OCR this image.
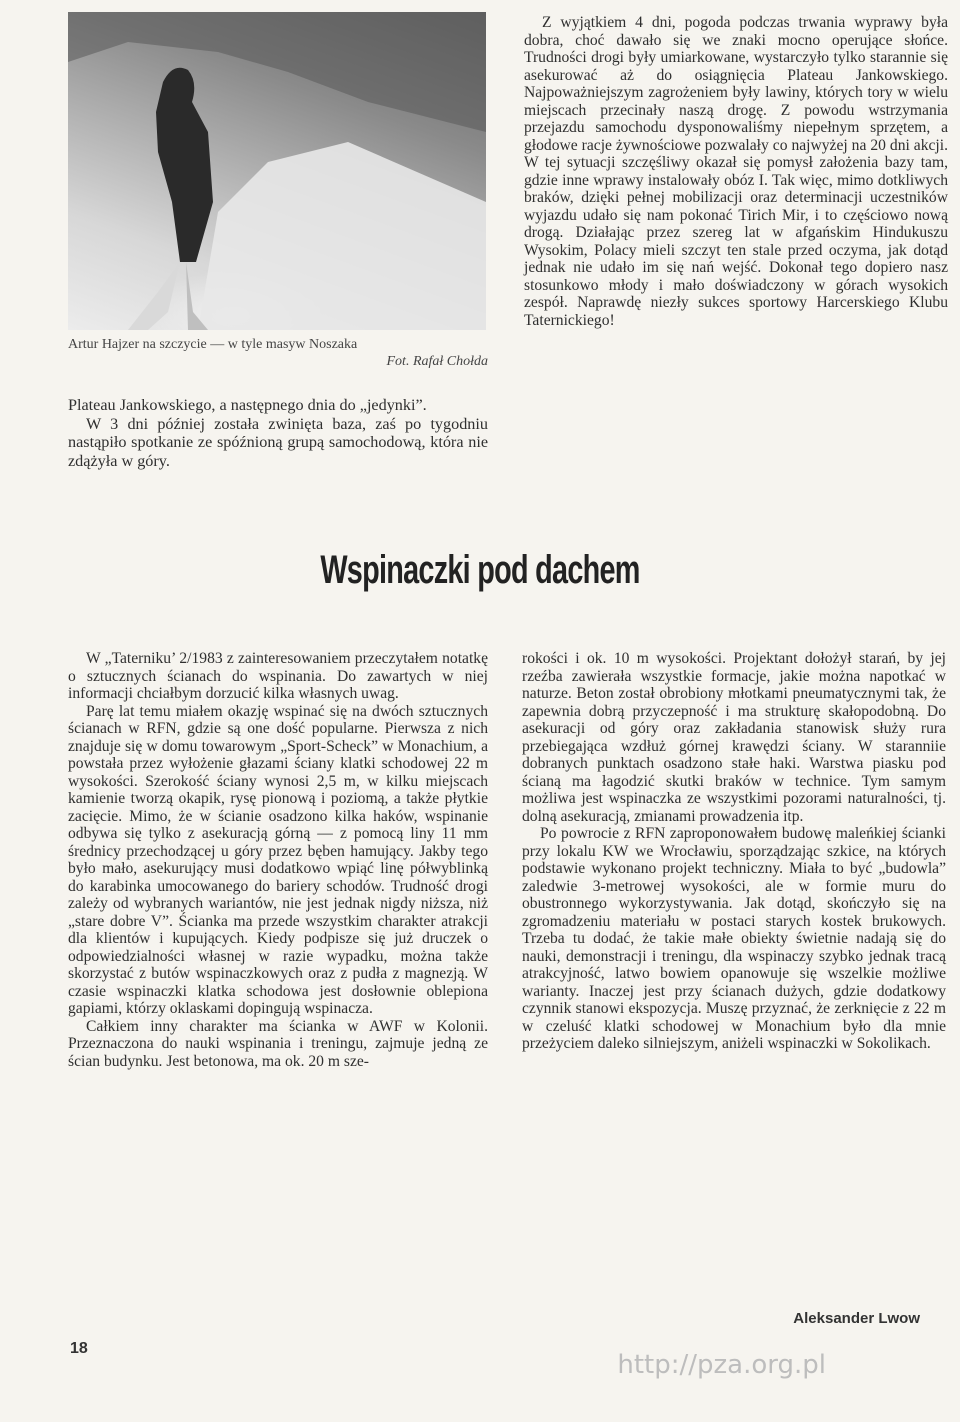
Artur Hajzer na szczycie — w tyle masyw Noszaka
Fot. Rafał Chołda

Plateau Jankowskiego, a następnego dnia do „jedynki”.

W 3 dni później została zwinięta baza, zaś po tygodniu nastąpiło spotkanie ze spóźnioną grupą samochodową, która nie zdążyła w góry.

Z wyjątkiem 4 dni, pogoda podczas trwania wyprawy była dobra, choć dawało się we znaki mocno operujące słońce. Trudności drogi były umiarkowane, wystarczyło tylko starannie się asekurować aż do osiągnięcia Plateau Jankowskiego. Najpoważniejszym zagrożeniem były lawiny, których tory w wielu miejscach przecinały naszą drogę. Z powodu wstrzymania przejazdu samochodu dysponowaliśmy niepełnym sprzętem, a głodowe racje żywnościowe pozwalały co najwyżej na 20 dni akcji. W tej sytuacji szczęśliwy okazał się pomysł założenia bazy tam, gdzie inne wprawy instalowały obóz I. Tak więc, mimo dotkliwych braków, dzięki pełnej mobilizacji oraz determinacji uczestników wyjazdu udało się nam pokonać Tirich Mir, i to częściowo nową drogą. Działając przez szereg lat w afgańskim Hindukuszu Wysokim, Polacy mieli szczyt ten stale przed oczyma, jak dotąd jednak nie udało im się nań wejść. Dokonał tego dopiero nasz stosunkowo młody i mało doświadczony w górach wysokich zespół. Naprawdę niezły sukces sportowy Harcerskiego Klubu Taternickiego!

Wspinaczki pod dachem

W „Taterniku’ 2/1983 z zainteresowaniem przeczytałem notatkę o sztucznych ścianach do wspinania. Do zawartych w niej informacji chciałbym dorzucić kilka własnych uwag.

Parę lat temu miałem okazję wspinać się na dwóch sztucznych ścianach w RFN, gdzie są one dość popularne. Pierwsza z nich znajduje się w domu towarowym „Sport-Scheck” w Monachium, a powstała przez wyłożenie głazami ściany klatki schodowej 22 m wysokości. Szerokość ściany wynosi 2,5 m, w kilku miejscach kamienie tworzą okapik, rysę pionową i poziomą, a także płytkie zacięcie. Mimo, że w ścianie osadzono kilka haków, wspinanie odbywa się tylko z asekuracją górną — z pomocą liny 11 mm średnicy przechodzącej u góry przez bęben hamujący. Jakby tego było mało, asekurujący musi dodatkowo wpiąć linę półwyblinką do karabinka umocowanego do bariery schodów. Trudność drogi zależy od wybranych wariantów, nie jest jednak nigdy niższa, niż „stare dobre V”. Ścianka ma przede wszystkim charakter atrakcji dla klientów i kupujących. Kiedy podpisze się już druczek o odpowiedzialności własnej w razie wypadku, można także skorzystać z butów wspinaczkowych oraz z pudła z magnezją. W czasie wspinaczki klatka schodowa jest dosłownie oblepiona gapiami, którzy oklaskami dopingują wspinacza.

Całkiem inny charakter ma ścianka w AWF w Kolonii. Przeznaczona do nauki wspinania i treningu, zajmuje jedną ze ścian budynku. Jest betonowa, ma ok. 20 m sze-

rokości i ok. 10 m wysokości. Projektant dołożył starań, by jej rzeźba zawierała wszystkie formacje, jakie można napotkać w naturze. Beton został obrobiony młotkami pneumatycznymi tak, że zapewnia dobrą przyczepność i ma strukturę skałopodobną. Do asekuracji od góry oraz zakładania stanowisk służy rura przebiegająca wzdłuż górnej krawędzi ściany. W staranniie dobranych punktach osadzono stałe haki. Warstwa piasku pod ścianą ma łagodzić skutki braków w technice. Tym samym możliwa jest wspinaczka ze wszystkimi pozorami naturalności, tj. dolną asekuracją, zmianami prowadzenia itp.

Po powrocie z RFN zaproponowałem budowę maleńkiej ścianki przy lokalu KW we Wrocławiu, sporządzając szkice, na których podstawie wykonano projekt techniczny. Miała to być „budowla” zaledwie 3-metrowej wysokości, ale w formie muru do obustronnego wykorzystywania. Jak dotąd, skończyło się na zgromadzeniu materiału w postaci starych kostek brukowych. Trzeba tu dodać, że takie małe obiekty świetnie nadają się do nauki, demonstracji i treningu, dla wspinaczy szybko jednak tracą atrakcyjność, latwo bowiem opanowuje się wszelkie możliwe warianty. Inaczej jest przy ścianach dużych, gdzie dodatkowy czynnik stanowi ekspozycja. Muszę przyznać, że zerknięcie z 22 m w czeluść klatki schodowej w Monachium było dla mnie przeżyciem daleko silniejszym, aniżeli wspinaczki w Sokolikach.

Aleksander Lwow
18
http://pza.org.pl
